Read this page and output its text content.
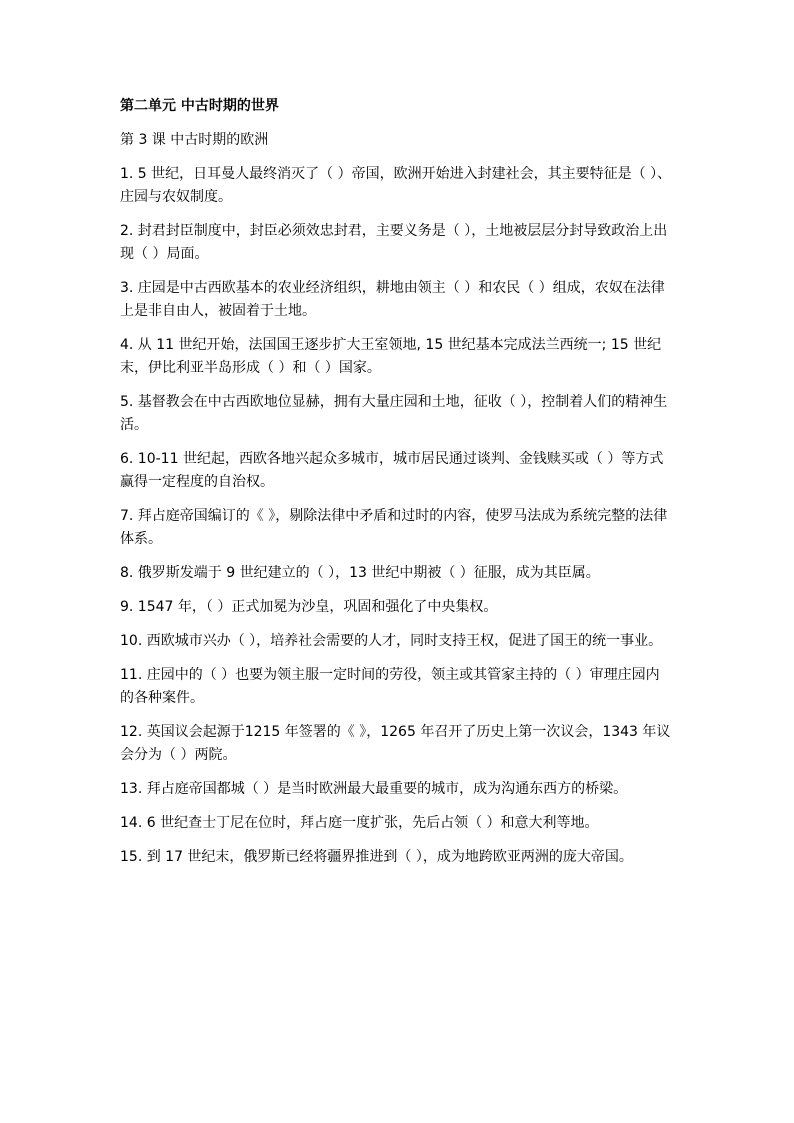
第二单元 中古时期的世界
第 3 课 中古时期的欧洲
1. 5 世纪，日耳曼人最终消灭了（ ）帝国，欧洲开始进入封建社会，其主要特征是（ ）、庄园与农奴制度。
2. 封君封臣制度中，封臣必须效忠封君，主要义务是（ ），土地被层层分封导致政治上出现（ ）局面。
3. 庄园是中古西欧基本的农业经济组织，耕地由领主（ ）和农民（ ）组成，农奴在法律上是非自由人，被固着于土地。
4. 从 11 世纪开始，法国国王逐步扩大王室领地, 15 世纪基本完成法兰西统一; 15 世纪末，伊比利亚半岛形成（ ）和（ ）国家。
5. 基督教会在中古西欧地位显赫，拥有大量庄园和土地，征收（ ），控制着人们的精神生活。
6. 10-11 世纪起，西欧各地兴起众多城市，城市居民通过谈判、金钱赎买或（ ）等方式赢得一定程度的自治权。
7. 拜占庭帝国编订的《 》，剔除法律中矛盾和过时的内容，使罗马法成为系统完整的法律体系。
8. 俄罗斯发端于 9 世纪建立的（ ），13 世纪中期被（ ）征服，成为其臣属。
9. 1547 年，（ ）正式加冕为沙皇，巩固和强化了中央集权。
10. 西欧城市兴办（ ），培养社会需要的人才，同时支持王权，促进了国王的统一事业。
11. 庄园中的（ ）也要为领主服一定时间的劳役，领主或其管家主持的（ ）审理庄园内的各种案件。
12. 英国议会起源于1215 年签署的《 》，1265 年召开了历史上第一次议会，1343 年议会分为（ ）两院。
13. 拜占庭帝国都城（ ）是当时欧洲最大最重要的城市，成为沟通东西方的桥梁。
14. 6 世纪查士丁尼在位时，拜占庭一度扩张，先后占领（ ）和意大利等地。
15. 到 17 世纪末，俄罗斯已经将疆界推进到（ ），成为地跨欧亚两洲的庞大帝国。
